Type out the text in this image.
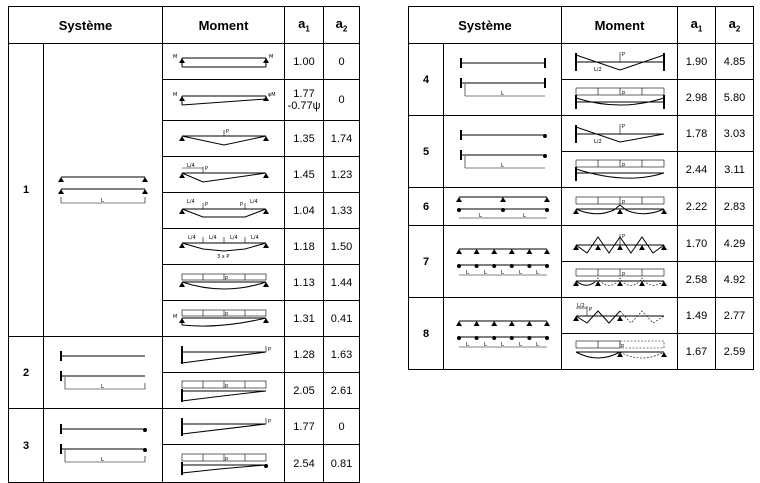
Système		Moment	$a_1$	$a_2$
1	L	M M	1.00	0

M ψM	1.77
-0.77ψ	0

P	1.35	1.74

L/4 P	1.45	1.23

L/4 P P L/4	1.04	1.33

L/4 L/4 L/4 L/4
3 x P	1.18	1.50

p	1.13	1.44

M p	1.31	0.41
2	L	P	1.28	1.63

p	2.05	2.61
3	L	P	1.77	0

p	2.54	0.81
Système		Moment	$a_1$	$a_2$
4	L	P
L/2	1.90	4.85

p	2.98	5.80
5	L	P
L/2	1.78	3.03

p	2.44	3.11
6	L L	p	2.22	2.83
7	L L L L L	P	1.70	4.29

p	2.58	4.92
8	L L L L L	L/2
P	1.49	2.77

p	1.67	2.59
